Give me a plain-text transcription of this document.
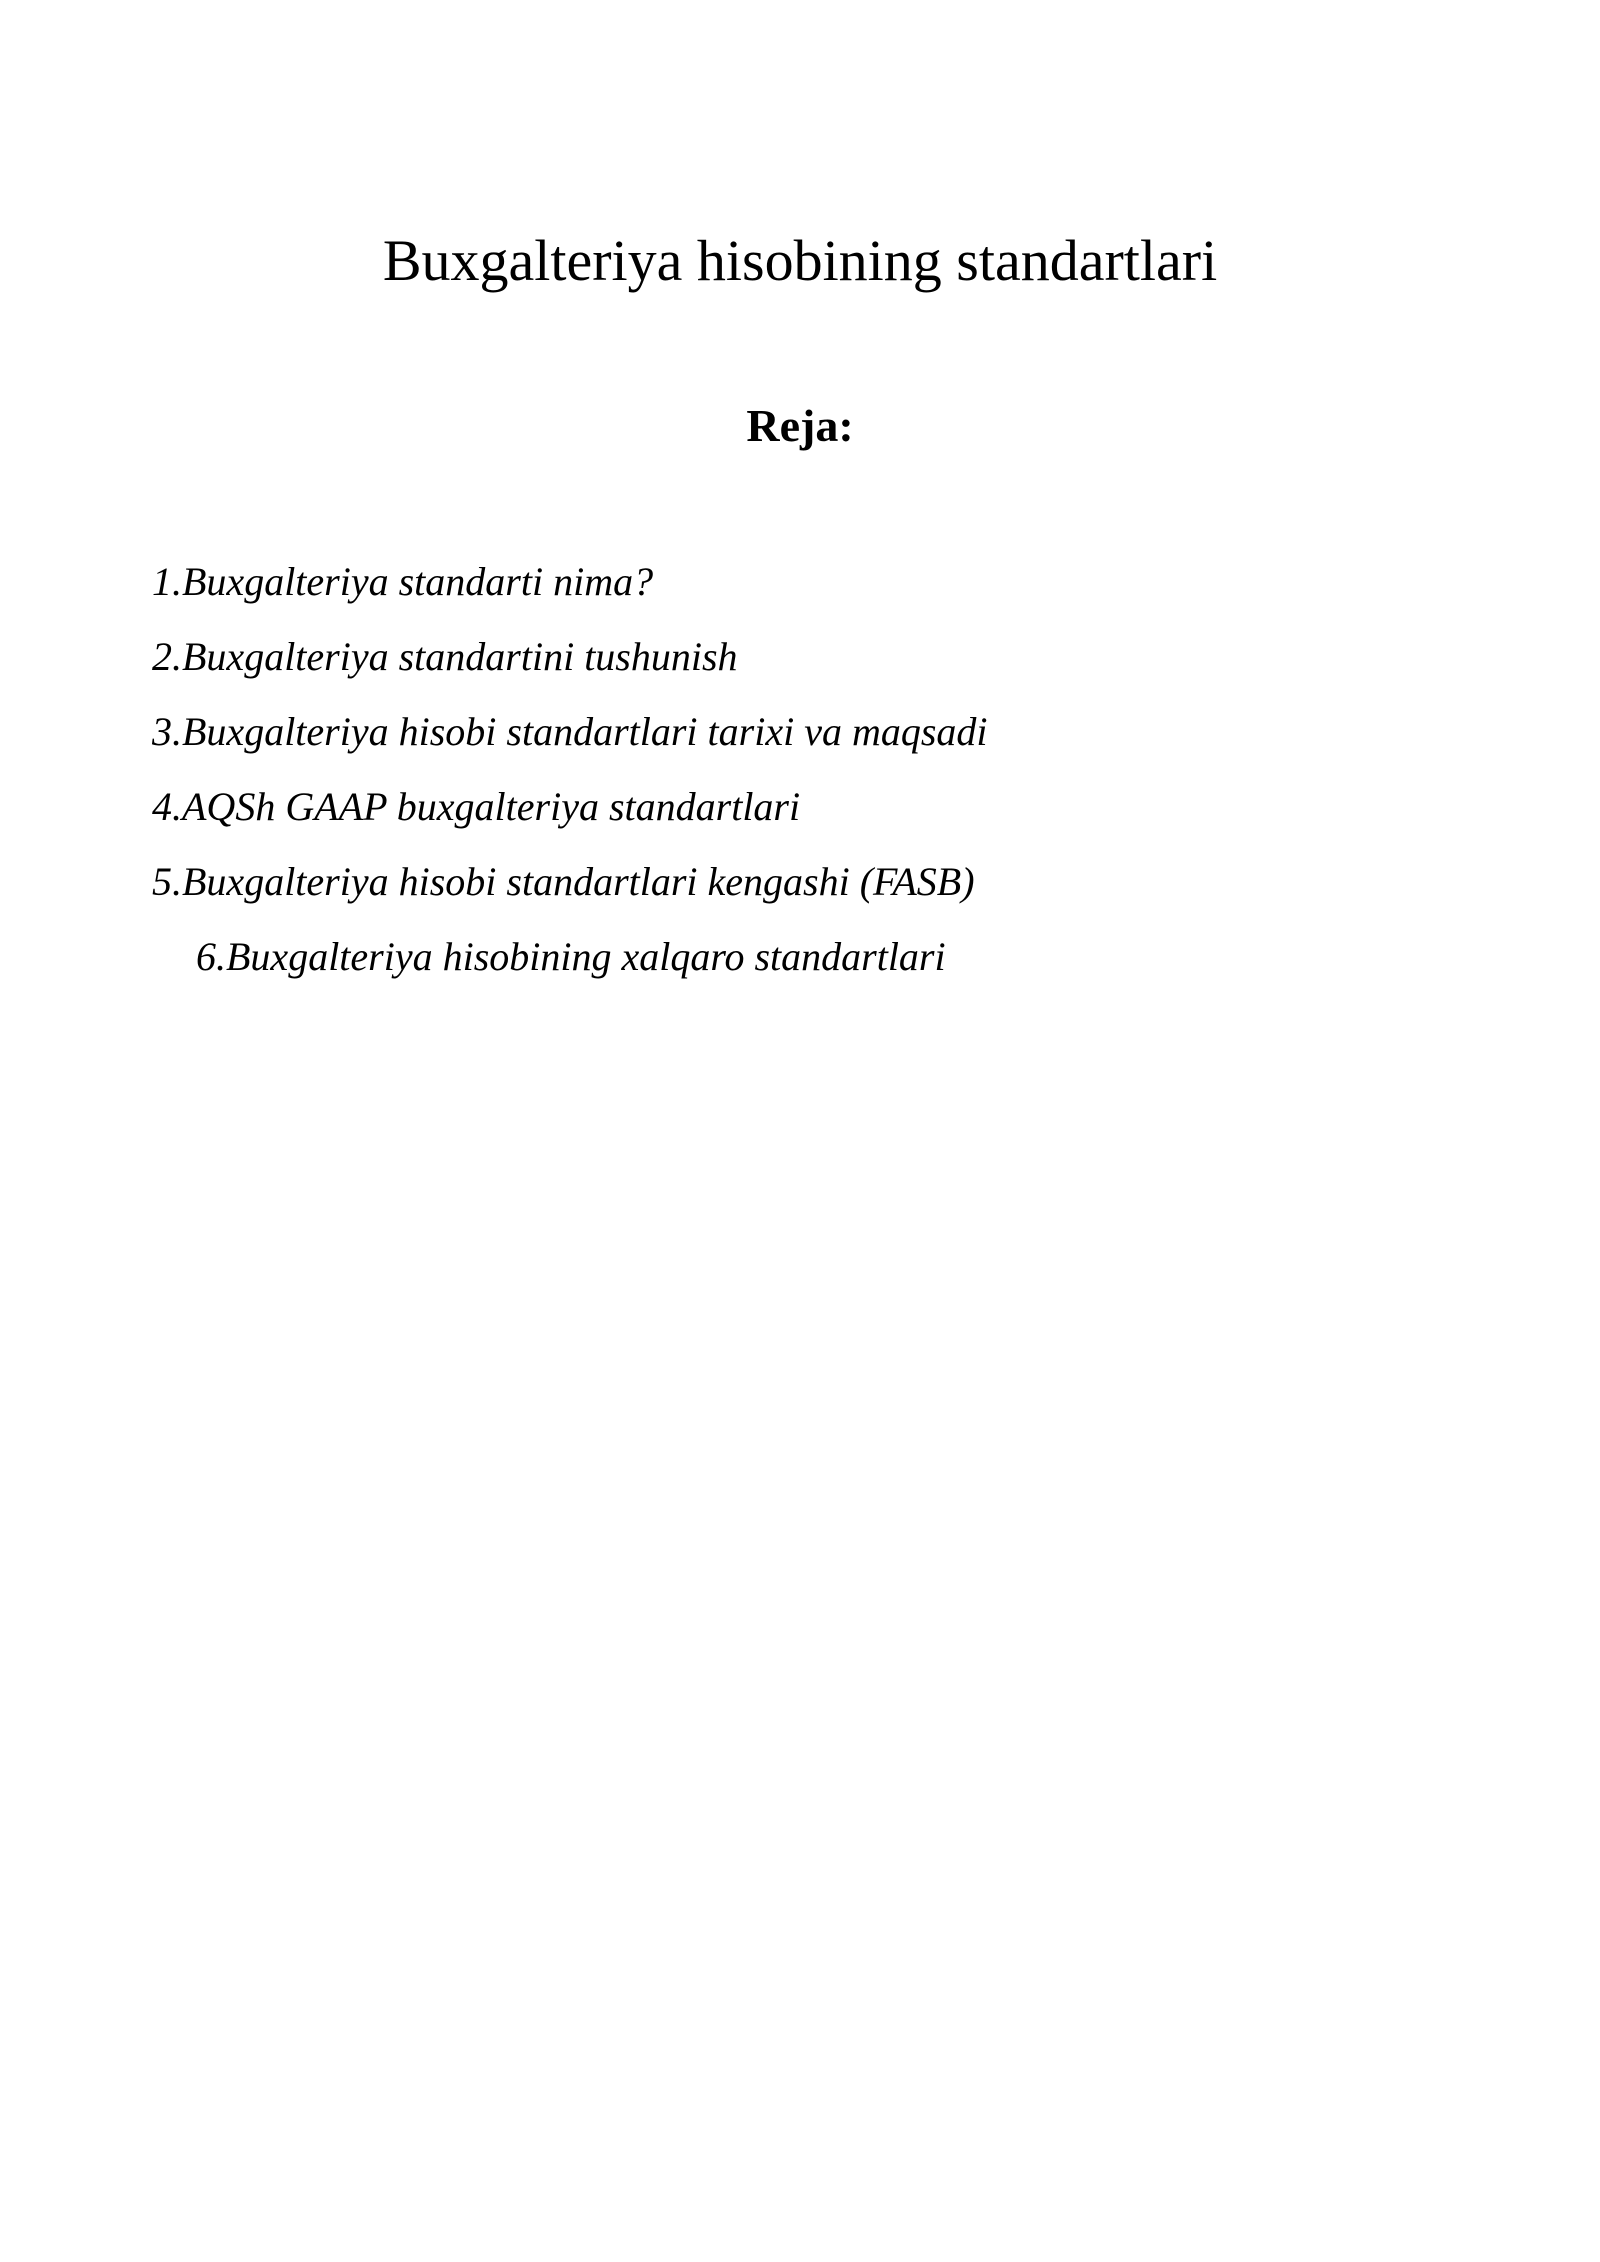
Buxgalteriya hisobining standartlari
Reja:
1.Buxgalteriya standarti nima?
2.Buxgalteriya standartini tushunish
3.Buxgalteriya hisobi standartlari tarixi va maqsadi
4.AQSh GAAP buxgalteriya standartlari
5.Buxgalteriya hisobi standartlari kengashi (FASB)
6.Buxgalteriya hisobining xalqaro standartlari
